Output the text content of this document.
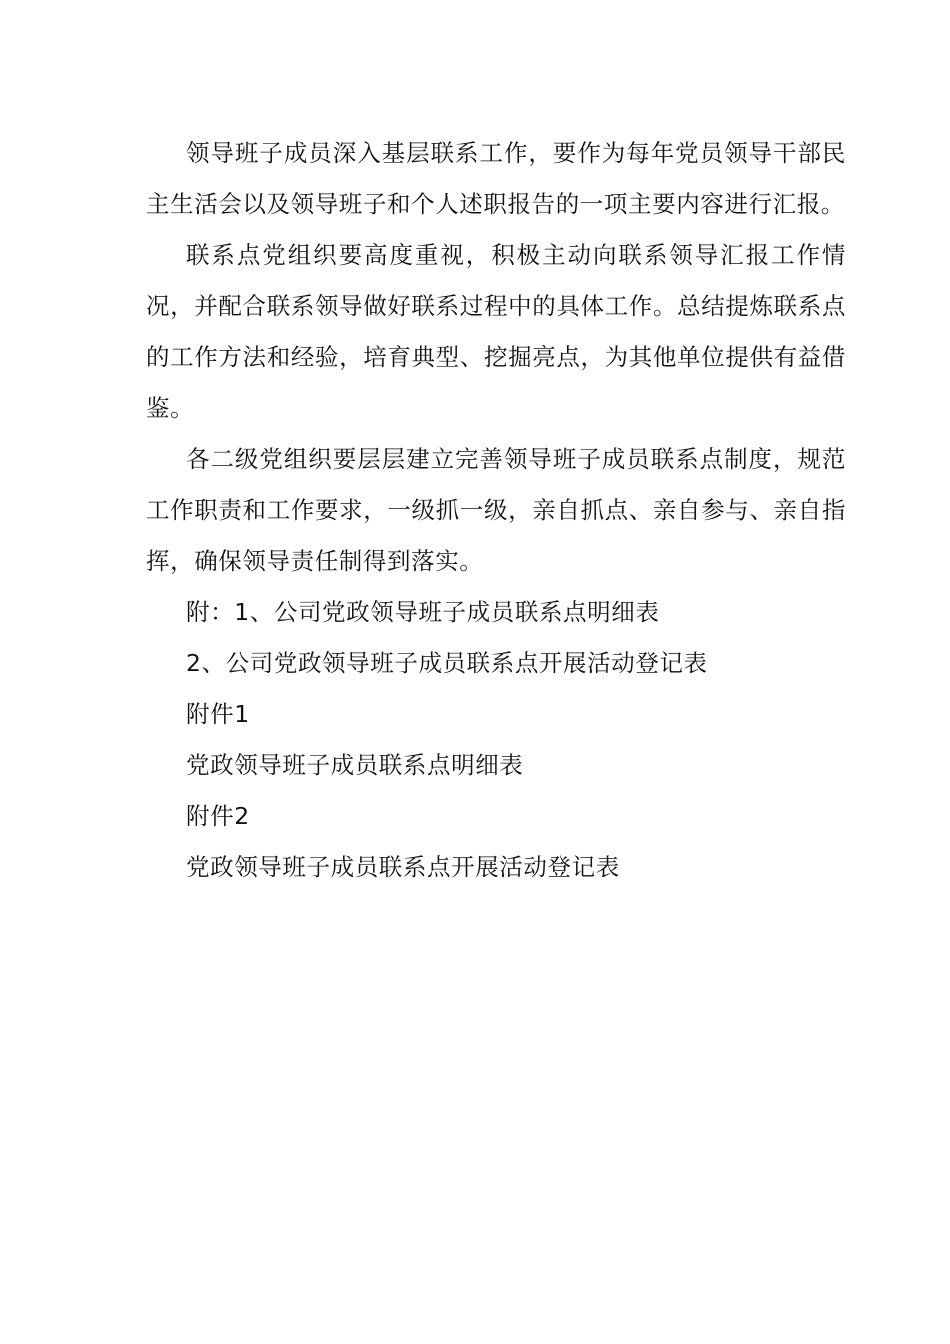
领导班子成员深入基层联系工作，要作为每年党员领导干部民主生活会以及领导班子和个人述职报告的一项主要内容进行汇报。

联系点党组织要高度重视，积极主动向联系领导汇报工作情况，并配合联系领导做好联系过程中的具体工作。总结提炼联系点的工作方法和经验，培育典型、挖掘亮点，为其他单位提供有益借鉴。

各二级党组织要层层建立完善领导班子成员联系点制度，规范工作职责和工作要求，一级抓一级，亲自抓点、亲自参与、亲自指挥，确保领导责任制得到落实。

附：1、公司党政领导班子成员联系点明细表

2、公司党政领导班子成员联系点开展活动登记表

附件1

党政领导班子成员联系点明细表

附件2

党政领导班子成员联系点开展活动登记表
